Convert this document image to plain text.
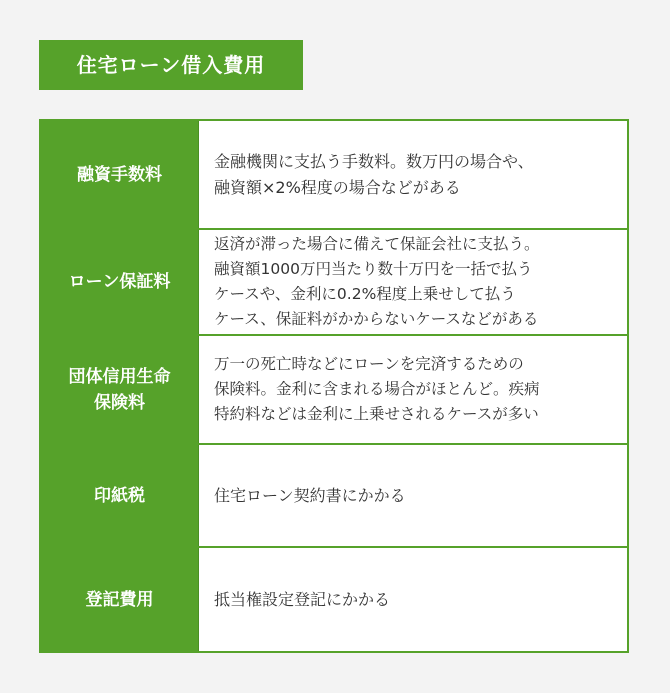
住宅ローン借入費用
融資手数料
金融機関に支払う手数料。数万円の場合や、
融資額×2%程度の場合などがある
ローン保証料
返済が滞った場合に備えて保証会社に支払う。
融資額1000万円当たり数十万円を一括で払う
ケースや、金利に0.2%程度上乗せして払う
ケース、保証料がかからないケースなどがある
団体信用生命
保険料
万一の死亡時などにローンを完済するための
保険料。金利に含まれる場合がほとんど。疾病
特約料などは金利に上乗せされるケースが多い
印紙税	住宅ローン契約書にかかる
登記費用	抵当権設定登記にかかる
